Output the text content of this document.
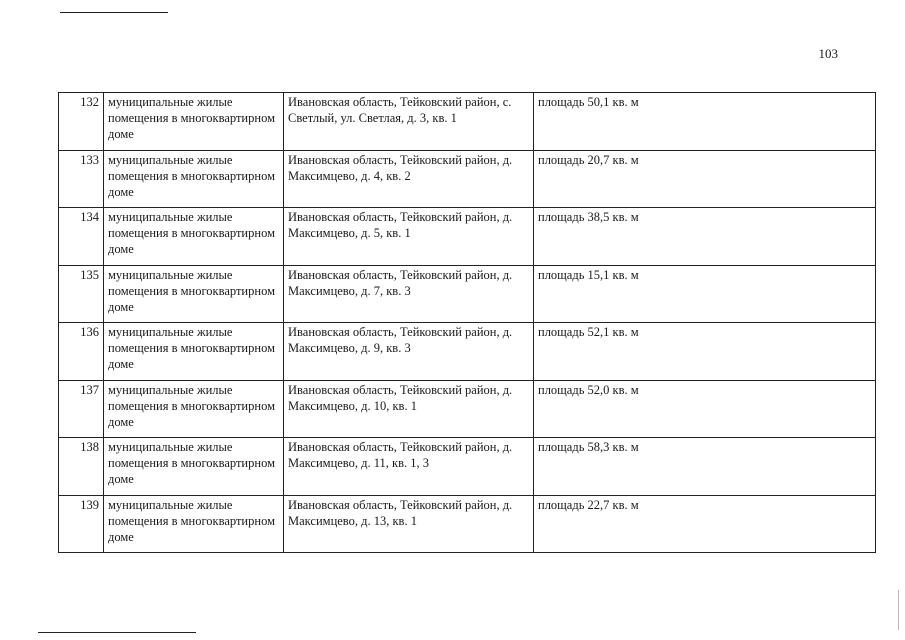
103
132	муниципальные жилые помещения в многоквартирном доме	Ивановская область, Тейковский район, с. Светлый, ул. Светлая, д. 3, кв. 1	площадь 50,1 кв. м
133	муниципальные жилые помещения в многоквартирном доме	Ивановская область, Тейковский район, д. Максимцево, д. 4, кв. 2	площадь 20,7 кв. м
134	муниципальные жилые помещения в многоквартирном доме	Ивановская область, Тейковский район, д. Максимцево, д. 5, кв. 1	площадь 38,5 кв. м
135	муниципальные жилые помещения в многоквартирном доме	Ивановская область, Тейковский район, д. Максимцево, д. 7, кв. 3	площадь 15,1 кв. м
136	муниципальные жилые помещения в многоквартирном доме	Ивановская область, Тейковский район, д. Максимцево, д. 9, кв. 3	площадь 52,1 кв. м
137	муниципальные жилые помещения в многоквартирном доме	Ивановская область, Тейковский район, д. Максимцево, д. 10, кв. 1	площадь 52,0 кв. м
138	муниципальные жилые помещения в многоквартирном доме	Ивановская область, Тейковский район, д. Максимцево, д. 11, кв. 1, 3	площадь 58,3 кв. м
139	муниципальные жилые помещения в многоквартирном доме	Ивановская область, Тейковский район, д. Максимцево, д. 13, кв. 1	площадь 22,7 кв. м
